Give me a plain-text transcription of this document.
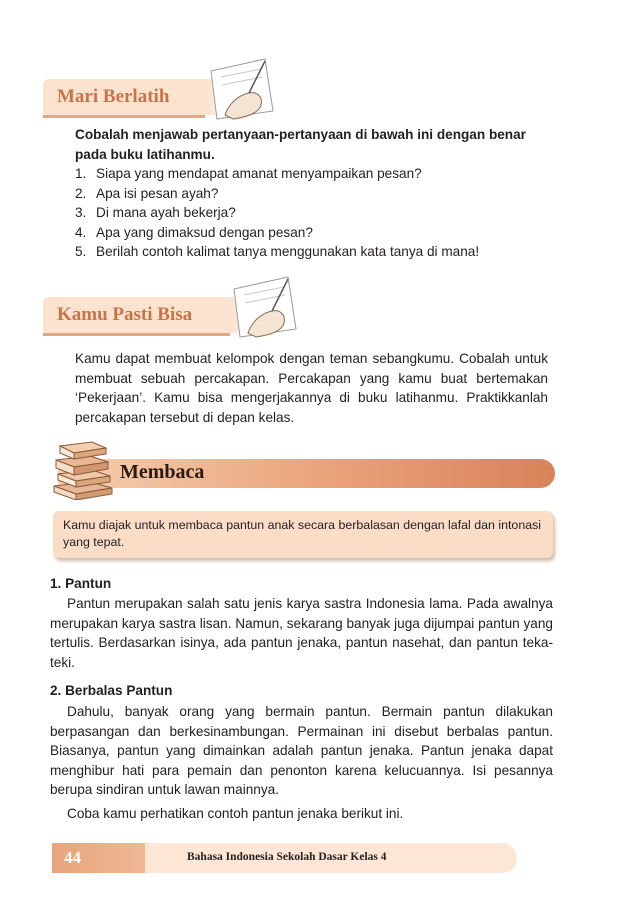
Mari Berlatih
Cobalah menjawab pertanyaan-pertanyaan di bawah ini dengan benar pada buku latihanmu.
1. Siapa yang mendapat amanat menyampaikan pesan?
2. Apa isi pesan ayah?
3. Di mana ayah bekerja?
4. Apa yang dimaksud dengan pesan?
5. Berilah contoh kalimat tanya menggunakan kata tanya di mana!
Kamu Pasti Bisa
Kamu dapat membuat kelompok dengan teman sebangkumu. Cobalah untuk membuat sebuah percakapan. Percakapan yang kamu buat bertemakan ‘Pekerjaan’. Kamu bisa mengerjakannya di buku latihanmu. Praktikkanlah percakapan tersebut di depan kelas.
Membaca
Kamu diajak untuk membaca pantun anak secara berbalasan dengan lafal dan intonasi yang tepat.
1. Pantun
Pantun merupakan salah satu jenis karya sastra Indonesia lama. Pada awalnya merupakan karya sastra lisan. Namun, sekarang banyak juga dijumpai pantun yang tertulis. Berdasarkan isinya, ada pantun jenaka, pantun nasehat, dan pantun teka-teki.
2. Berbalas Pantun
Dahulu, banyak orang yang bermain pantun. Bermain pantun dilakukan berpasangan dan berkesinambungan. Permainan ini disebut berbalas pantun. Biasanya, pantun yang dimainkan adalah pantun jenaka. Pantun jenaka dapat menghibur hati para pemain dan penonton karena kelucuannya. Isi pesannya berupa sindiran untuk lawan mainnya.
Coba kamu perhatikan contoh pantun jenaka berikut ini.
44	Bahasa Indonesia Sekolah Dasar Kelas 4
